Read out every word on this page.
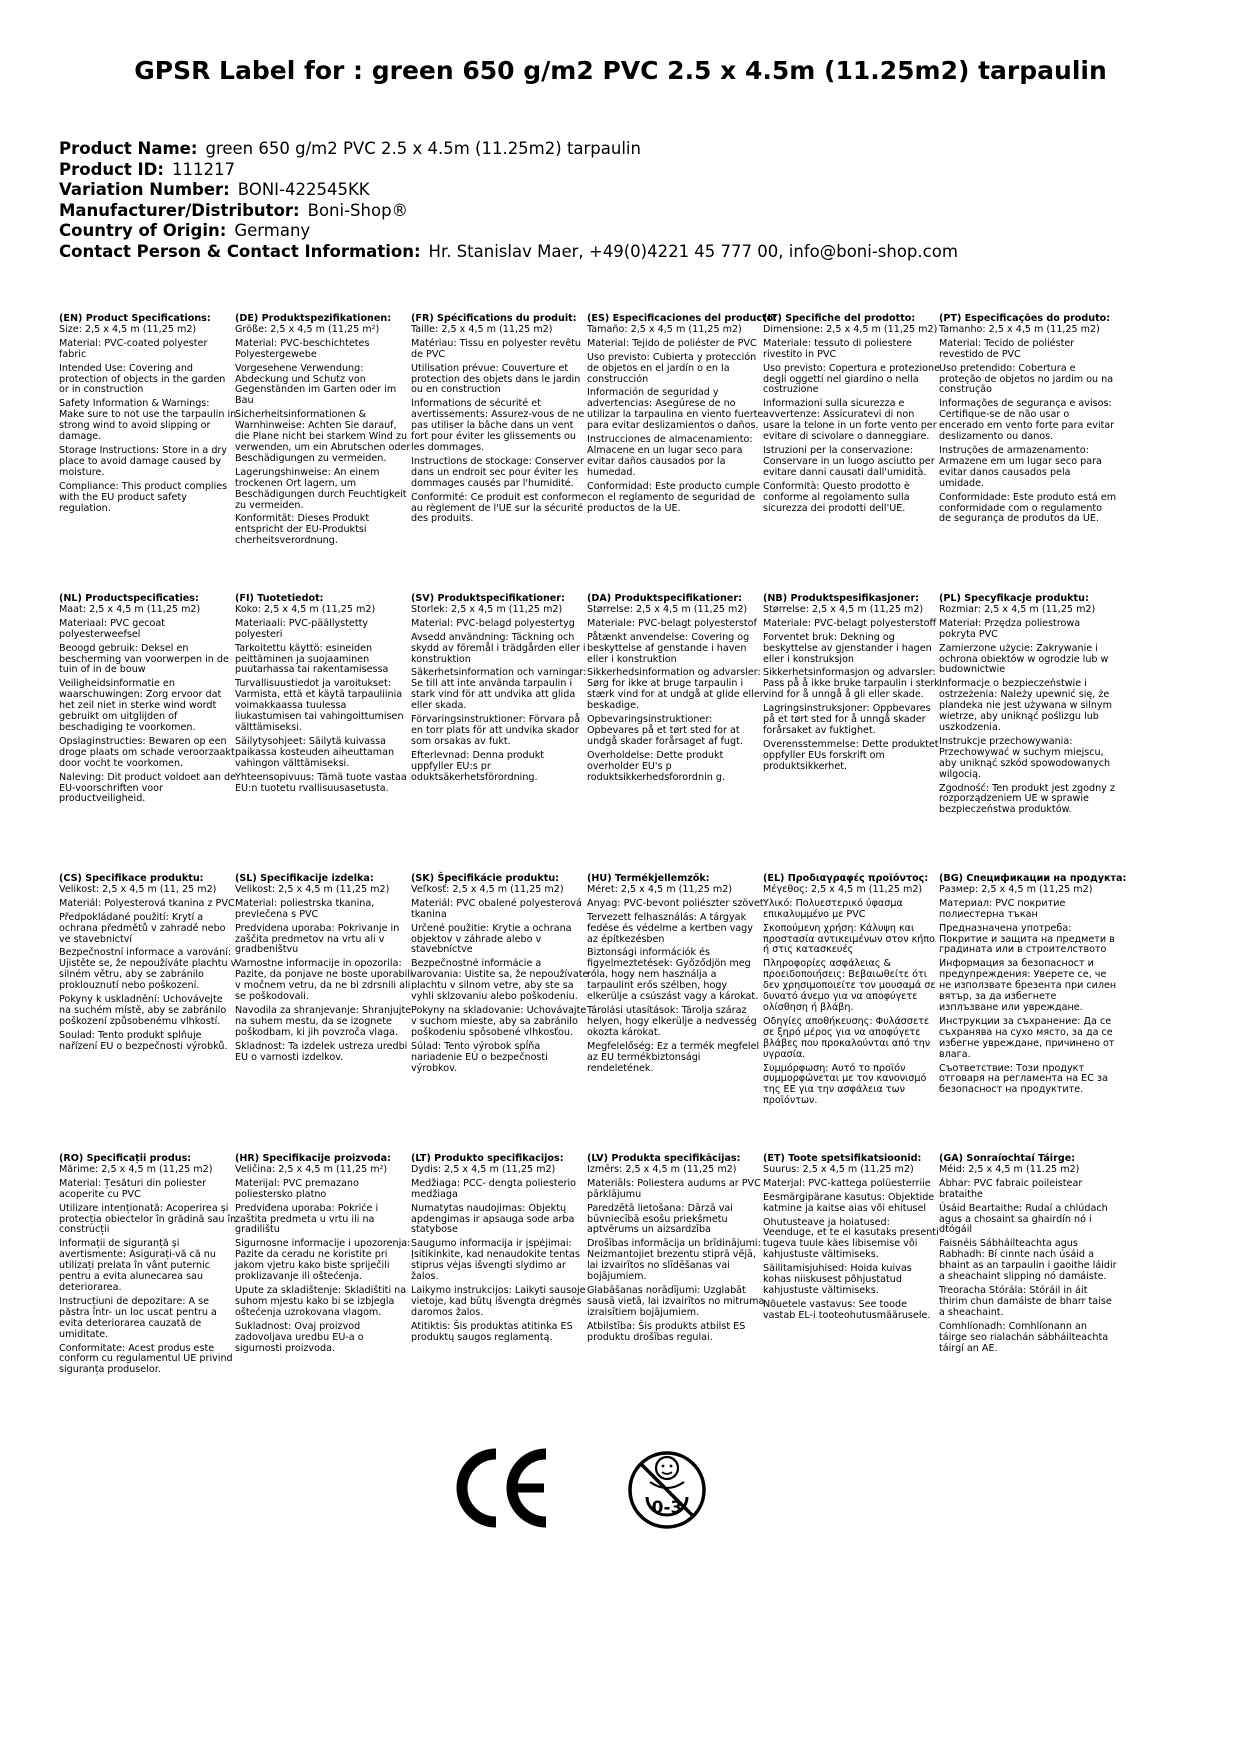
GPSR Label for : green 650 g/m2 PVC 2.5 x 4.5m (11.25m2) tarpaulin
Product Name: green 650 g/m2 PVC 2.5 x 4.5m (11.25m2) tarpaulin
Product ID: 111217
Variation Number: BONI-422545KK
Manufacturer/Distributor: Boni-Shop®
Country of Origin: Germany
Contact Person & Contact Information: Hr. Stanislav Maer, +49(0)4221 45 777 00, info@boni-shop.com
(EN) Product Specifications:
Size: 2,5 x 4,5 m (11,25 m2)
Material: PVC-coated polyester fabric
Intended Use: Covering and protection of objects in the garden or in construction
Safety Information & Warnings: Make sure to not use the tarpaulin in strong wind to avoid slipping or damage.
Storage Instructions: Store in a dry place to avoid damage caused by moisture.
Compliance: This product complies with the EU product safety regulation.
(DE) Produktspezifikationen:
Größe: 2,5 x 4,5 m (11,25 m²)
Material: PVC-beschichtetes Polyestergewebe
Vorgesehene Verwendung: Abdeckung und Schutz von Gegenständen im Garten oder im Bau
Sicherheitsinformationen & Warnhinweise: Achten Sie darauf, die Plane nicht bei starkem Wind zu verwenden, um ein Abrutschen oder Beschädigungen zu vermeiden.
Lagerungshinweise: An einem trockenen Ort lagern, um Beschädigungen durch Feuchtigkeit zu vermeiden.
Konformität: Dieses Produkt entspricht der EU-Produktsi cherheitsverordnung.
(FR) Spécifications du produit:
Taille: 2,5 x 4,5 m (11,25 m2)
Matériau: Tissu en polyester revêtu de PVC
Utilisation prévue: Couverture et protection des objets dans le jardin ou en construction
Informations de sécurité et avertissements: Assurez-vous de ne pas utiliser la bâche dans un vent fort pour éviter les glissements ou les dommages.
Instructions de stockage: Conserver dans un endroit sec pour éviter les dommages causés par l'humidité.
Conformité: Ce produit est conforme au règlement de l'UE sur la sécurité des produits.
(ES) Especificaciones del producto:
Tamaño: 2,5 x 4,5 m (11,25 m2)
Material: Tejido de poliéster de PVC
Uso previsto: Cubierta y protección de objetos en el jardín o en la construcción
Información de seguridad y advertencias: Asegúrese de no utilizar la tarpaulina en viento fuerte para evitar deslizamientos o daños.
Instrucciones de almacenamiento: Almacene en un lugar seco para evitar daños causados por la humedad.
Conformidad: Este producto cumple con el reglamento de seguridad de productos de la UE.
(IT) Specifiche del prodotto:
Dimensione: 2,5 x 4,5 m (11,25 m2)
Materiale: tessuto di poliestere rivestito in PVC
Uso previsto: Copertura e protezione degli oggetti nel giardino o nella costruzione
Informazioni sulla sicurezza e avvertenze: Assicuratevi di non usare la telone in un forte vento per evitare di scivolare o danneggiare.
Istruzioni per la conservazione: Conservare in un luogo asciutto per evitare danni causati dall'umidità.
Conformità: Questo prodotto è conforme al regolamento sulla sicurezza dei prodotti dell'UE.
(PT) Especificações do produto:
Tamanho: 2,5 x 4,5 m (11,25 m2)
Material: Tecido de poliéster revestido de PVC
Uso pretendido: Cobertura e proteção de objetos no jardim ou na construção
Informações de segurança e avisos: Certifique-se de não usar o encerado em vento forte para evitar deslizamento ou danos.
Instruções de armazenamento: Armazene em um lugar seco para evitar danos causados pela umidade.
Conformidade: Este produto está em conformidade com o regulamento de segurança de produtos da UE.
(NL) Productspecificaties:
Maat: 2,5 x 4,5 m (11,25 m2)
Materiaal: PVC gecoat polyesterweefsel
Beoogd gebruik: Deksel en bescherming van voorwerpen in de tuin of in de bouw
Veiligheidsinformatie en waarschuwingen: Zorg ervoor dat het zeil niet in sterke wind wordt gebruikt om uitglijden of beschadiging te voorkomen.
Opslaginstructies: Bewaren op een droge plaats om schade veroorzaakt door vocht te voorkomen.
Naleving: Dit product voldoet aan de EU-voorschriften voor productveiligheid.
(FI) Tuotetiedot:
Koko: 2,5 x 4,5 m (11,25 m2)
Materiaali: PVC-päällystetty polyesteri
Tarkoitettu käyttö: esineiden peittäminen ja suojaaminen puutarhassa tai rakentamisessa
Turvallisuustiedot ja varoitukset: Varmista, että et käytä tarpauliinia voimakkaassa tuulessa liukastumisen tai vahingoittumisen välttämiseksi.
Säilytysohjeet: Säilytä kuivassa paikassa kosteuden aiheuttaman vahingon välttämiseksi.
Yhteensopivuus: Tämä tuote vastaa EU:n tuotetu rvallisuusasetusta.
(SV) Produktspecifikationer:
Storlek: 2,5 x 4,5 m (11,25 m2)
Material: PVC-belagd polyestertyg
Avsedd användning: Täckning och skydd av föremål i trädgården eller i konstruktion
Säkerhetsinformation och varningar: Se till att inte använda tarpaulin i stark vind för att undvika att glida eller skada.
Förvaringsinstruktioner: Förvara på en torr plats för att undvika skador som orsakas av fukt.
Efterlevnad: Denna produkt uppfyller EU:s pr oduktsäkerhetsförordning.
(DA) Produktspecifikationer:
Størrelse: 2,5 x 4,5 m (11,25 m2)
Materiale: PVC-belagt polyesterstof
Påtænkt anvendelse: Covering og beskyttelse af genstande i haven eller i konstruktion
Sikkerhedsinformation og advarsler: Sørg for ikke at bruge tarpaulin i stærk vind for at undgå at glide eller beskadige.
Opbevaringsinstruktioner: Opbevares på et tørt sted for at undgå skader forårsaget af fugt.
Overholdelse: Dette produkt overholder EU's p roduktsikkerhedsforordnin g.
(NB) Produktspesifikasjoner:
Størrelse: 2,5 x 4,5 m (11,25 m2)
Materiale: PVC-belagt polyesterstoff
Forventet bruk: Dekning og beskyttelse av gjenstander i hagen eller i konstruksjon
Sikkerhetsinformasjon og advarsler: Pass på å ikke bruke tarpaulin i sterk vind for å unngå å gli eller skade.
Lagringsinstruksjoner: Oppbevares på et tørt sted for å unngå skader forårsaket av fuktighet.
Overensstemmelse: Dette produktet oppfyller EUs forskrift om produktsikkerhet.
(PL) Specyfikacje produktu:
Rozmiar: 2,5 x 4,5 m (11,25 m2)
Materiał: Przędza poliestrowa pokryta PVC
Zamierzone użycie: Zakrywanie i ochrona obiektów w ogrodzie lub w budownictwie
Informacje o bezpieczeństwie i ostrzeżenia: Należy upewnić się, że plandeka nie jest używana w silnym wietrze, aby uniknąć poślizgu lub uszkodzenia.
Instrukcje przechowywania: Przechowywać w suchym miejscu, aby uniknąć szkód spowodowanych wilgocią.
Zgodność: Ten produkt jest zgodny z rozporządzeniem UE w sprawie bezpieczeństwa produktów.
(CS) Specifikace produktu:
Velikost: 2,5 x 4,5 m (11, 25 m2)
Materiál: Polyesterová tkanina z PVC
Předpokládané použití: Krytí a ochrana předmětů v zahradě nebo ve stavebnictví
Bezpečnostní informace a varování: Ujistěte se, že nepoužíváte plachtu v silném větru, aby se zabránilo proklouznutí nebo poškození.
Pokyny k uskladnění: Uchovávejte na suchém místě, aby se zabránilo poškození způsobenému vlhkostí.
Soulad: Tento produkt splňuje nařízení EU o bezpečnosti výrobků.
(SL) Specifikacije izdelka:
Velikost: 2,5 x 4,5 m (11,25 m2)
Material: poliestrska tkanina, prevlečena s PVC
Predvidena uporaba: Pokrivanje in zaščita predmetov na vrtu ali v gradbeništvu
Varnostne informacije in opozorila: Pazite, da ponjave ne boste uporabili v močnem vetru, da ne bi zdrsnili ali se poškodovali.
Navodila za shranjevanje: Shranjujte na suhem mestu, da se izognete poškodbam, ki jih povzroča vlaga.
Skladnost: Ta izdelek ustreza uredbi EU o varnosti izdelkov.
(SK) Špecifikácie produktu:
Veľkosť: 2,5 x 4,5 m (11,25 m2)
Materiál: PVC obalené polyesterová tkanina
Určené použitie: Krytie a ochrana objektov v záhrade alebo v stavebníctve
Bezpečnostné informácie a varovania: Uistite sa, že nepoužívate plachtu v silnom vetre, aby ste sa vyhli sklzovaniu alebo poškodeniu.
Pokyny na skladovanie: Uchovávajte v suchom mieste, aby sa zabránilo poškodeniu spôsobené vlhkosťou.
Súlad: Tento výrobok spĺňa nariadenie EÚ o bezpečnosti výrobkov.
(HU) Termékjellemzők:
Méret: 2,5 x 4,5 m (11,25 m2)
Anyag: PVC-bevont poliészter szövet
Tervezett felhasználás: A tárgyak fedése és védelme a kertben vagy az építkezésben
Biztonsági információk és figyelmeztetések: Győződjön meg róla, hogy nem használja a tarpaulint erős szélben, hogy elkerülje a csúszást vagy a károkat.
Tárolási utasítások: Tárolja száraz helyen, hogy elkerülje a nedvesség okozta károkat.
Megfelelőség: Ez a termék megfelel az EU termékbiztonsági rendeletének.
(EL) Προδιαγραφές προϊόντος:
Μέγεθος: 2,5 x 4,5 m (11,25 m2)
Υλικό: Πολυεστερικό ύφασμα επικαλυμμένο με PVC
Σκοπούμενη χρήση: Κάλυψη και προστασία αντικειμένων στον κήπο ή στις κατασκευές
Πληροφορίες ασφάλειας & προειδοποιήσεις: Βεβαιωθείτε ότι δεν χρησιμοποιείτε τον μουσαμά σε δυνατό άνεμο για να αποφύγετε ολίσθηση ή βλάβη.
Οδηγίες αποθήκευσης: Φυλάσσετε σε ξηρό μέρος για να αποφύγετε βλάβες που προκαλούνται από την υγρασία.
Συμμόρφωση: Αυτό το προϊόν συμμορφώνεται με τον κανονισμό της ΕΕ για την ασφάλεια των προϊόντων.
(BG) Спецификации на продукта:
Размер: 2,5 x 4,5 m (11,25 m2)
Материал: PVC покритие полиестерна тъкан
Предназначена употреба: Покритие и защита на предмети в градината или в строителството
Информация за безопасност и предупреждения: Уверете се, че не използвате брезента при силен вятър, за да избегнете изплъзване или увреждане.
Инструкции за съхранение: Да се съхранява на сухо място, за да се избегне увреждане, причинено от влага.
Съответствие: Този продукт отговаря на регламента на ЕС за безопасност на продуктите.
(RO) Specificații produs:
Mărime: 2,5 x 4,5 m (11,25 m2)
Material: Țesături din poliester acoperite cu PVC
Utilizare intenționată: Acoperirea și protecția obiectelor în grădină sau în construcții
Informații de siguranță și avertismente: Asigurați-vă că nu utilizați prelata în vânt puternic pentru a evita alunecarea sau deteriorarea.
Instrucțiuni de depozitare: A se păstra într- un loc uscat pentru a evita deteriorarea cauzată de umiditate.
Conformitate: Acest produs este conform cu regulamentul UE privind siguranța produselor.
(HR) Specifikacije proizvoda:
Veličina: 2,5 x 4,5 m (11,25 m²)
Materijal: PVC premazano poliestersko platno
Predviđena uporaba: Pokriće i zaštita predmeta u vrtu ili na gradilištu
Sigurnosne informacije i upozorenja: Pazite da ceradu ne koristite pri jakom vjetru kako biste spriječili proklizavanje ili oštećenja.
Upute za skladištenje: Skladištiti na suhom mjestu kako bi se izbjegla oštećenja uzrokovana vlagom.
Sukladnost: Ovaj proizvod zadovoljava uredbu EU-a o sigurnosti proizvoda.
(LT) Produkto specifikacijos:
Dydis: 2,5 x 4,5 m (11,25 m2)
Medžiaga: PCC- dengta poliesterio medžiaga
Numatytas naudojimas: Objektų apdengimas ir apsauga sode arba statybose
Saugumo informacija ir įspėjimai: Įsitikinkite, kad nenaudokite tentas stiprus vėjas išvengti slydimo ar žalos.
Laikymo instrukcijos: Laikyti sausoje vietoje, kad būtų išvengta drėgmės daromos žalos.
Atitiktis: Šis produktas atitinka ES produktų saugos reglamentą.
(LV) Produkta specifikācijas:
Izmērs: 2,5 x 4,5 m (11,25 m2)
Materiāls: Poliestera audums ar PVC pārklājumu
Paredzētā lietošana: Dārzā vai būvniecībā esošu priekšmetu aptvērums un aizsardzība
Drošības informācija un brīdinājumi: Neizmantojiet brezentu stiprā vējā, lai izvairītos no slīdēšanas vai bojājumiem.
Glabāšanas norādījumi: Uzglabāt sausā vietā, lai izvairītos no mitruma izraisītiem bojājumiem.
Atbilstība: Šis produkts atbilst ES produktu drošības regulai.
(ET) Toote spetsifikatsioonid:
Suurus: 2,5 x 4,5 m (11,25 m2)
Materjal: PVC-kattega polüesterriie
Eesmärgipärane kasutus: Objektide katmine ja kaitse aias või ehitusel
Ohutusteave ja hoiatused: Veenduge, et te ei kasutaks presenti tugeva tuule käes libisemise või kahjustuste vältimiseks.
Säilitamisjuhised: Hoida kuivas kohas niiskusest põhjustatud kahjustuste vältimiseks.
Nõuetele vastavus: See toode vastab EL-i tooteohutusmäärusele.
(GA) Sonraíochtaí Táirge:
Méid: 2,5 x 4,5 m (11.25 m2)
Ábhar: PVC fabraic poileistear brataithe
Úsáid Beartaithe: Rudaí a chlúdach agus a chosaint sa ghairdín nó i dtógáil
Faisnéis Sábháilteachta agus Rabhadh: Bí cinnte nach úsáid a bhaint as an tarpaulin i gaoithe láidir a sheachaint slipping nó damáiste.
Treoracha Stórála: Stóráil in áit thirim chun damáiste de bharr taise a sheachaint.
Comhlíonadh: Comhlíonann an táirge seo rialachán sábháilteachta táirgí an AE.
0-3
